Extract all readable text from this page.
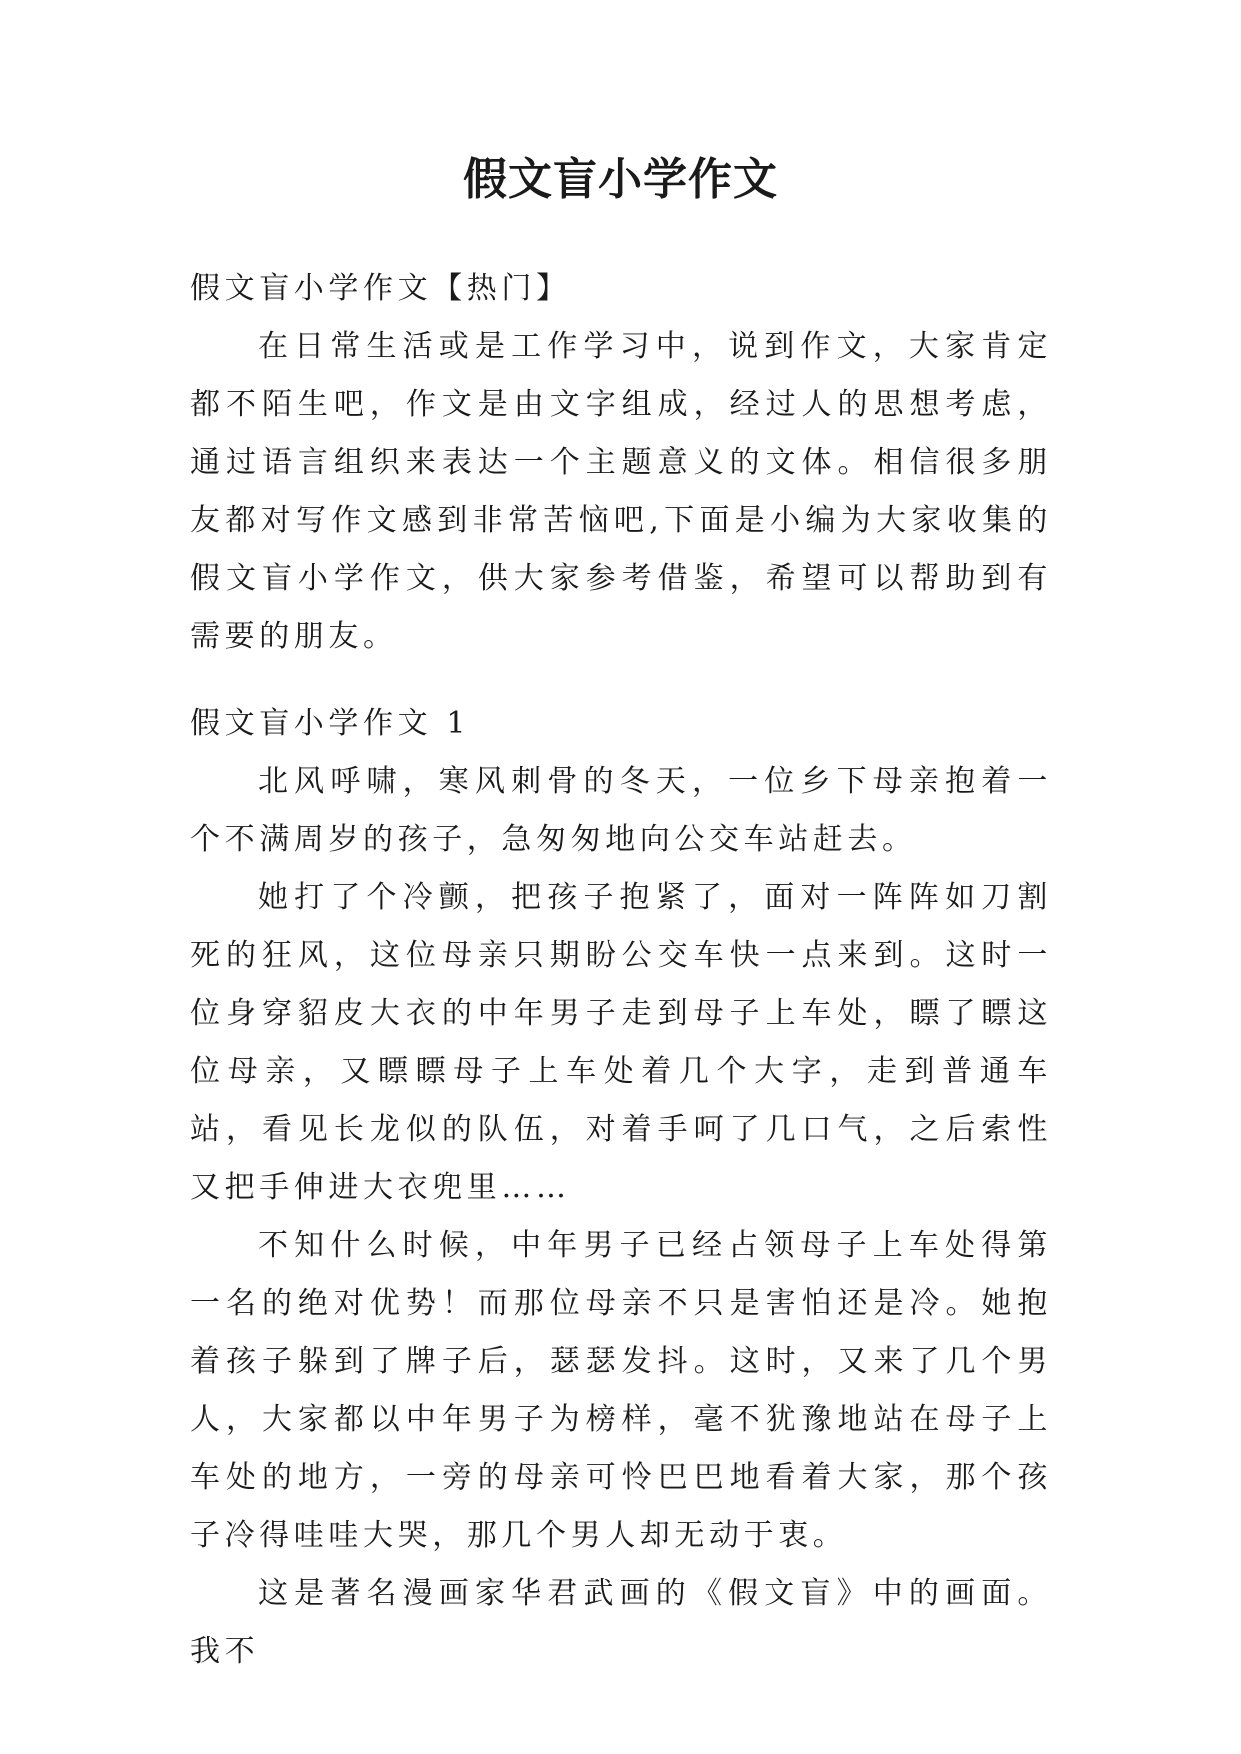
假文盲小学作文

假文盲小学作文【热门】

在日常生活或是工作学习中，说到作文，大家肯定都不陌生吧，作文是由文字组成，经过人的思想考虑，通过语言组织来表达一个主题意义的文体。相信很多朋友都对写作文感到非常苦恼吧,下面是小编为大家收集的假文盲小学作文，供大家参考借鉴，希望可以帮助到有需要的朋友。

假文盲小学作文 1

北风呼啸，寒风刺骨的冬天，一位乡下母亲抱着一个不满周岁的孩子，急匆匆地向公交车站赶去。

她打了个冷颤，把孩子抱紧了，面对一阵阵如刀割死的狂风，这位母亲只期盼公交车快一点来到。这时一位身穿貂皮大衣的中年男子走到母子上车处，瞟了瞟这位母亲，又瞟瞟母子上车处着几个大字，走到普通车站，看见长龙似的队伍，对着手呵了几口气，之后索性又把手伸进大衣兜里……

不知什么时候，中年男子已经占领母子上车处得第一名的绝对优势！而那位母亲不只是害怕还是冷。她抱着孩子躲到了牌子后，瑟瑟发抖。这时，又来了几个男人，大家都以中年男子为榜样，毫不犹豫地站在母子上车处的地方，一旁的母亲可怜巴巴地看着大家，那个孩子冷得哇哇大哭，那几个男人却无动于衷。

这是著名漫画家华君武画的《假文盲》中的画面。我不
